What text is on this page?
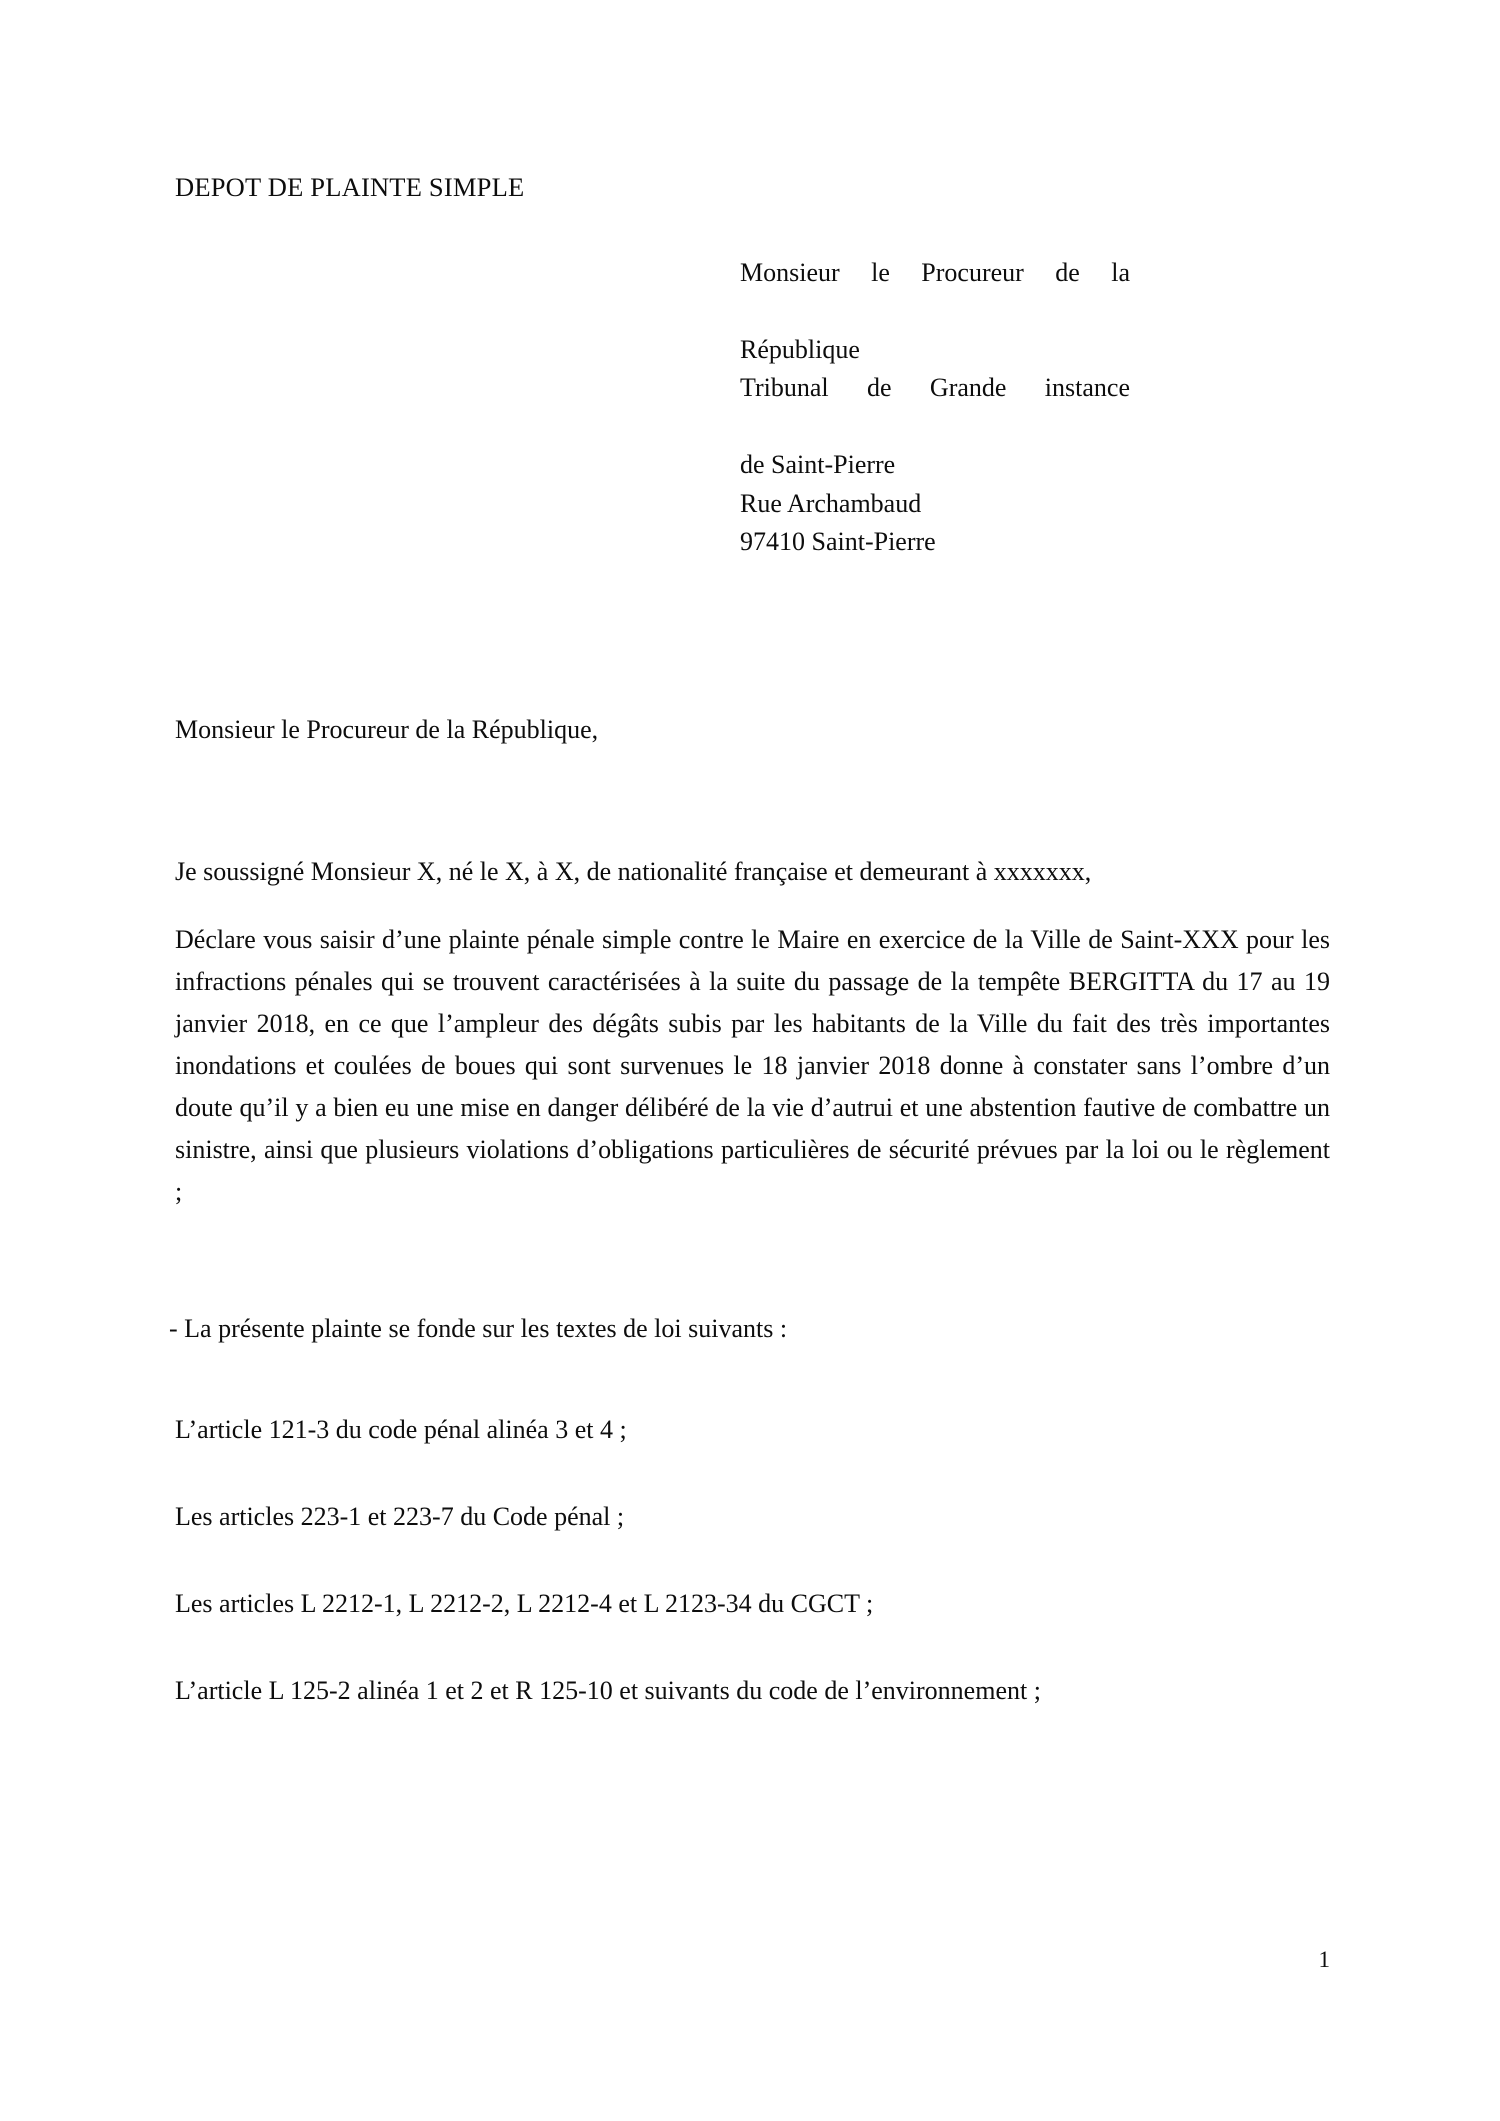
DEPOT DE PLAINTE SIMPLE
Monsieur le Procureur de la
République
Tribunal de Grande instance
de Saint-Pierre
Rue Archambaud
97410 Saint-Pierre

Monsieur le Procureur de la République,

Je soussigné Monsieur X, né le X, à X, de nationalité française et demeurant à xxxxxxx,

Déclare vous saisir d’une plainte pénale simple contre le Maire en exercice de la Ville de Saint-XXX pour les infractions pénales qui se trouvent caractérisées à la suite du passage de la tempête BERGITTA du 17 au 19 janvier 2018, en ce que l’ampleur des dégâts subis par les habitants de la Ville du fait des très importantes inondations et coulées de boues qui sont survenues le 18 janvier 2018 donne à constater sans l’ombre d’un doute qu’il y a bien eu une mise en danger délibéré de la vie d’autrui et une abstention fautive de combattre un sinistre, ainsi que plusieurs violations d’obligations particulières de sécurité prévues par la loi ou le règlement ;

- La présente plainte se fonde sur les textes de loi suivants :

L’article 121-3 du code pénal alinéa 3 et 4 ;
Les articles 223-1 et 223-7 du Code pénal ;
Les articles L 2212-1, L 2212-2, L 2212-4 et L 2123-34 du CGCT ;
L’article L 125-2 alinéa 1 et 2 et R 125-10 et suivants du code de l’environnement ;
1
